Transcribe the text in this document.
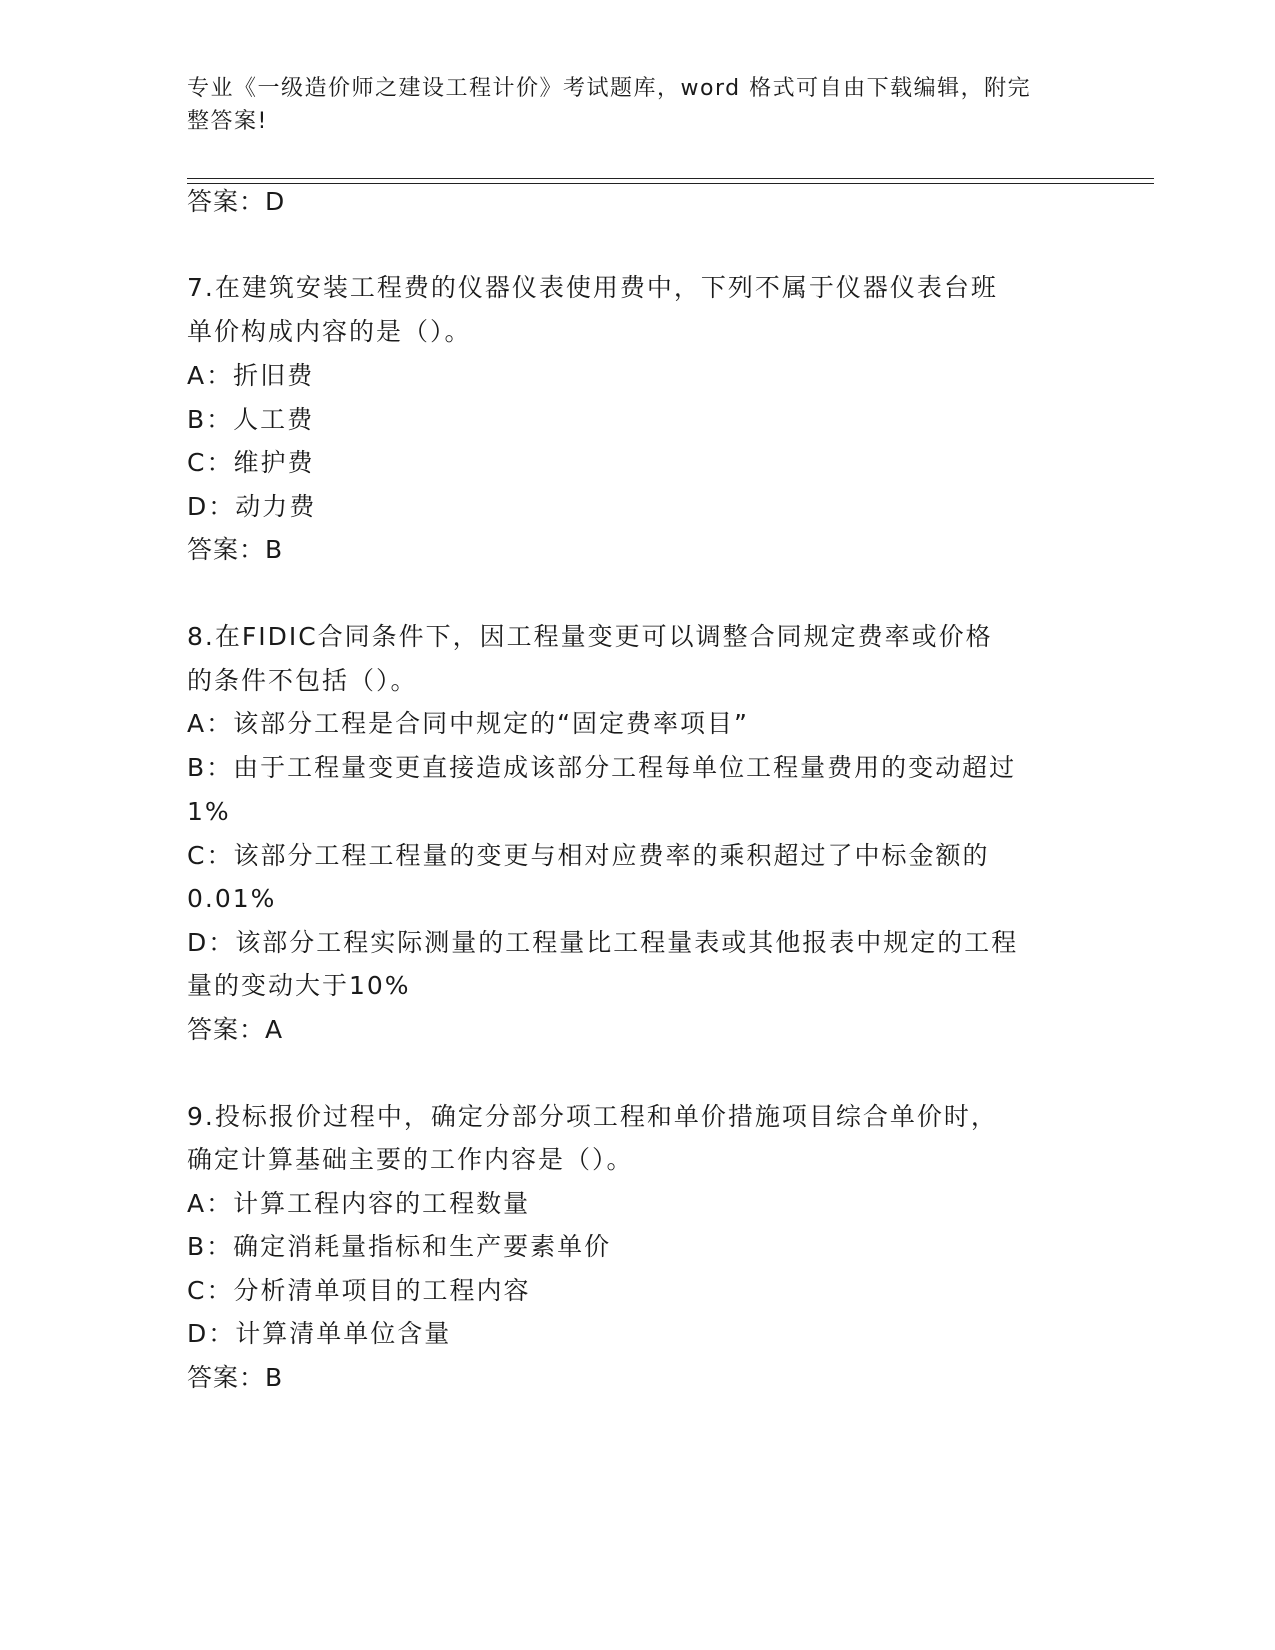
专业《一级造价师之建设工程计价》考试题库，word 格式可自由下载编辑，附完
整答案!
答案：D
7.在建筑安装工程费的仪器仪表使用费中，下列不属于仪器仪表台班
单价构成内容的是（）。
A：折旧费
B：人工费
C：维护费
D：动力费
答案：B
8.在FIDIC合同条件下，因工程量变更可以调整合同规定费率或价格
的条件不包括（）。
A：该部分工程是合同中规定的“固定费率项目”
B：由于工程量变更直接造成该部分工程每单位工程量费用的变动超过
1%
C：该部分工程工程量的变更与相对应费率的乘积超过了中标金额的
0.01%
D：该部分工程实际测量的工程量比工程量表或其他报表中规定的工程
量的变动大于10%
答案：A
9.投标报价过程中，确定分部分项工程和单价措施项目综合单价时，
确定计算基础主要的工作内容是（）。
A：计算工程内容的工程数量
B：确定消耗量指标和生产要素单价
C：分析清单项目的工程内容
D：计算清单单位含量
答案：B
